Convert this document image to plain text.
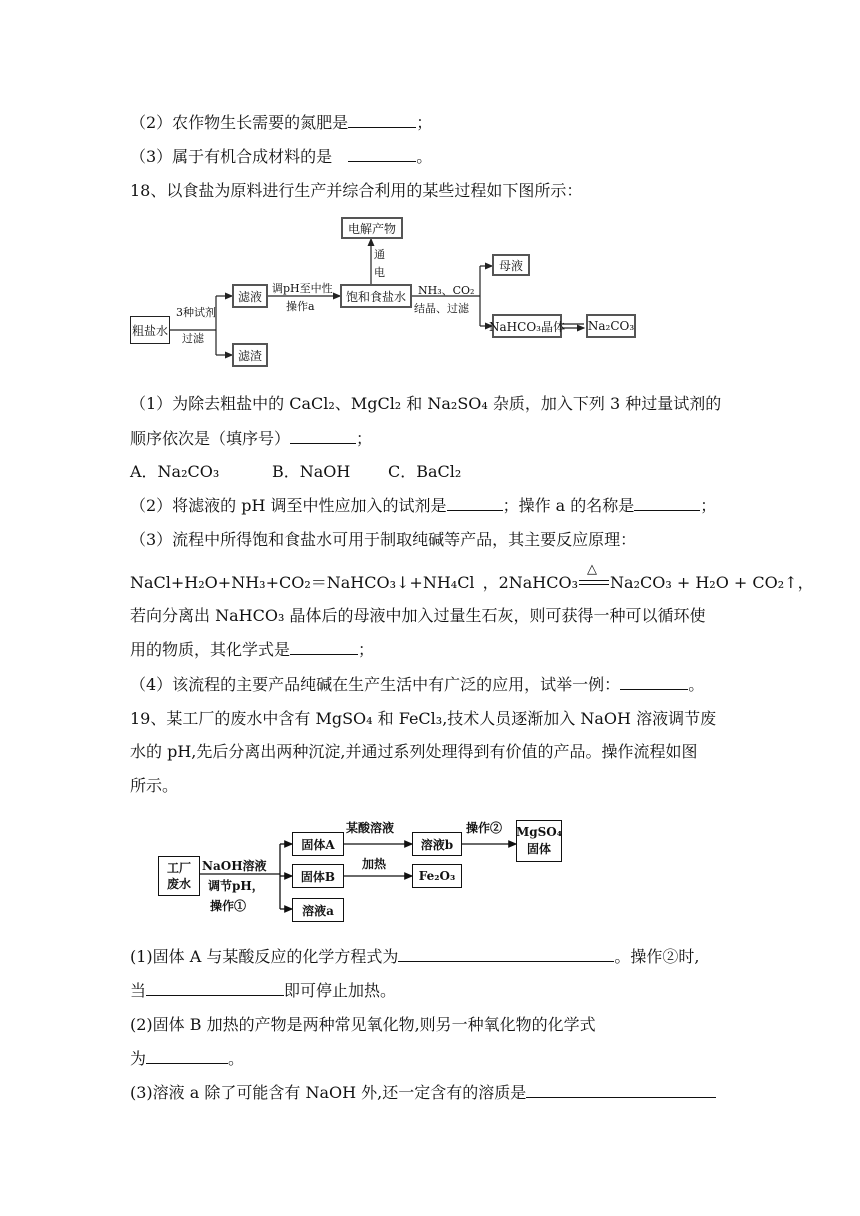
（2）农作物生长需要的氮肥是	；
（3）属于有机合成材料的是	。
18、以食盐为原料进行生产并综合利用的某些过程如下图所示：
粗盐水
3种试剂
过滤
滤液
滤渣
调pH至中性
操作a
饱和食盐水
通
电
电解产物
NH₃、CO₂
结晶、过滤
母液
NaHCO₃晶体 Na₂CO₃
（1）为除去粗盐中的 CaCl₂、MgCl₂ 和 Na₂SO₄ 杂质，加入下列 3 种过量试剂的
顺序依次是（填序号）	；
A．Na₂CO₃	B．NaOH C．BaCl₂
（2）将滤液的 pH 调至中性应加入的试剂是	；操作 a 的名称是	；
（3）流程中所得饱和食盐水可用于制取纯碱等产品，其主要反应原理：
NaCl+H₂O+NH₃+CO₂＝NaHCO₃↓+NH₄Cl ，2NaHCO₃
△
Na₂CO₃ + H₂O + CO₂↑，
若向分离出 NaHCO₃ 晶体后的母液中加入过量生石灰，则可获得一种可以循环使
用的物质，其化学式是	；
（4）该流程的主要产品纯碱在生产生活中有广泛的应用，试举一例：	。
19、某工厂的废水中含有 MgSO₄ 和 FeCl₃,技术人员逐渐加入 NaOH 溶液调节废
水的 pH,先后分离出两种沉淀,并通过系列处理得到有价值的产品。操作流程如图
所示。
工厂
废水
NaOH溶液
调节pH，
操作①
固体A
固体B
溶液a
某酸溶液
加热
溶液b
Fe₂O₃
操作② MgSO₄
固体
(1)固体 A 与某酸反应的化学方程式为	。操作②时,
当	即可停止加热。
(2)固体 B 加热的产物是两种常见氧化物,则另一种氧化物的化学式
为	。
(3)溶液 a 除了可能含有 NaOH 外,还一定含有的溶质是
